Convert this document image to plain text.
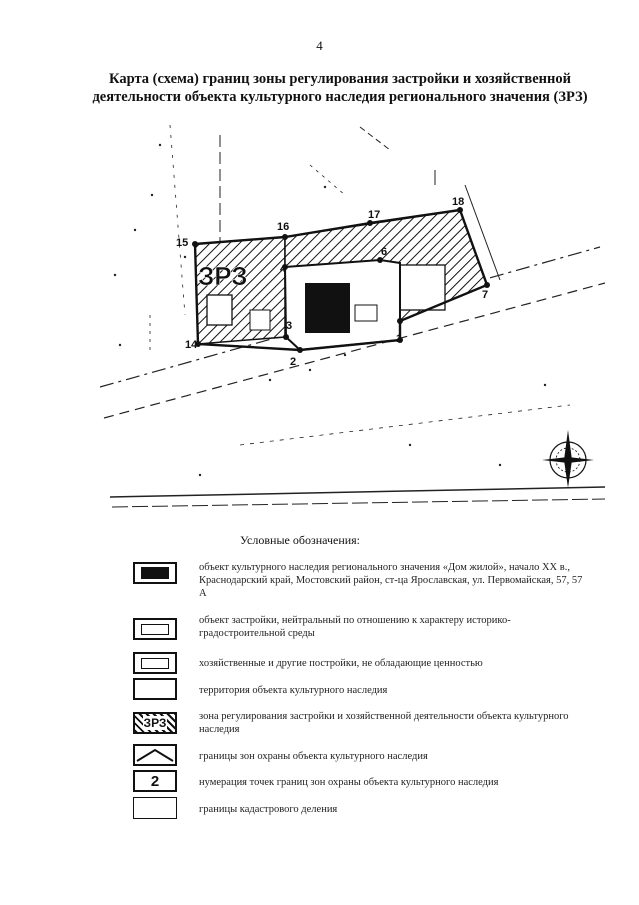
4
Карта (схема) границ зоны регулирования застройки и хозяйственной
деятельности объекта культурного наследия регионального значения (ЗРЗ)
ЗРЗ
1
2
3
4
6
7
14
15
16
17
18
Условные обозначения:
объект культурного наследия регионального значения «Дом жилой», начало XX в., Краснодарский край, Мостовский район, ст-ца Ярославская, ул. Первомайская, 57, 57 А
объект застройки, нейтральный по отношению к характеру историко-градостроительной среды
хозяйственные и другие постройки, не обладающие ценностью
территория объекта культурного наследия
ЗРЗ	зона регулирования застройки и хозяйственной деятельности объекта культурного наследия
границы зон охраны объекта культурного наследия
2	нумерация точек границ зон охраны объекта культурного наследия
границы кадастрового деления
